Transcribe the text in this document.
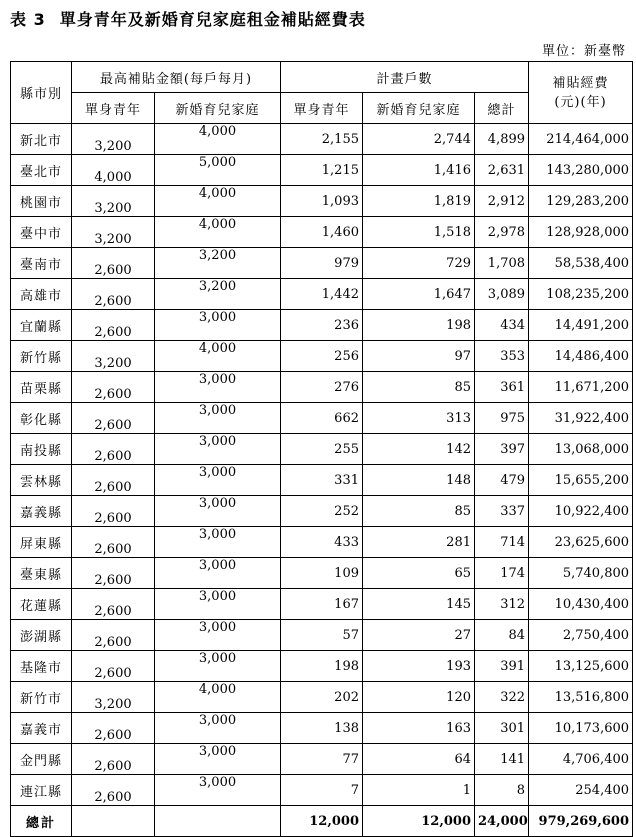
表 3 單身青年及新婚育兒家庭租金補貼經費表
單位：新臺幣
縣市別	最高補貼金額(每戶每月)		計畫戶數			補貼經費
(元)(年)
	單身青年	新婚育兒家庭	單身青年	新婚育兒家庭	總計	
新北市	3,200	4,000	2,155	2,744	4,899	214,464,000
臺北市	4,000	5,000	1,215	1,416	2,631	143,280,000
桃園市	3,200	4,000	1,093	1,819	2,912	129,283,200
臺中市	3,200	4,000	1,460	1,518	2,978	128,928,000
臺南市	2,600	3,200	979	729	1,708	58,538,400
高雄市	2,600	3,200	1,442	1,647	3,089	108,235,200
宜蘭縣	2,600	3,000	236	198	434	14,491,200
新竹縣	3,200	4,000	256	97	353	14,486,400
苗栗縣	2,600	3,000	276	85	361	11,671,200
彰化縣	2,600	3,000	662	313	975	31,922,400
南投縣	2,600	3,000	255	142	397	13,068,000
雲林縣	2,600	3,000	331	148	479	15,655,200
嘉義縣	2,600	3,000	252	85	337	10,922,400
屏東縣	2,600	3,000	433	281	714	23,625,600
臺東縣	2,600	3,000	109	65	174	5,740,800
花蓮縣	2,600	3,000	167	145	312	10,430,400
澎湖縣	2,600	3,000	57	27	84	2,750,400
基隆市	2,600	3,000	198	193	391	13,125,600
新竹市	3,200	4,000	202	120	322	13,516,800
嘉義市	2,600	3,000	138	163	301	10,173,600
金門縣	2,600	3,000	77	64	141	4,706,400
連江縣	2,600	3,000	7	1	8	254,400
總計			12,000	12,000	24,000	979,269,600
